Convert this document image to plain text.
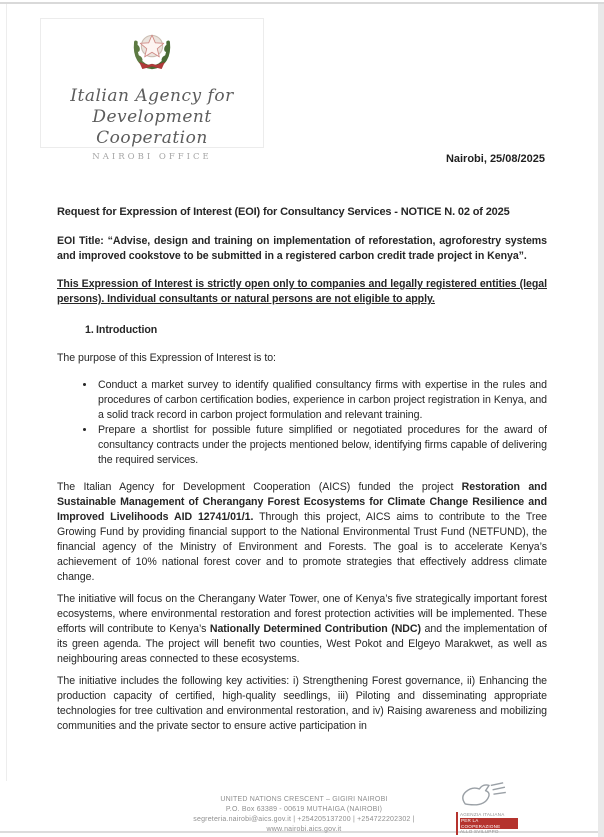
Italian Agency for
Development Cooperation
NAIROBI OFFICE	Nairobi, 25/08/2025

Request for Expression of Interest (EOI) for Consultancy Services - NOTICE N. 02 of 2025

EOI Title: “Advise, design and training on implementation of reforestation, agroforestry systems and improved cookstove to be submitted in a registered carbon credit trade project in Kenya”.

This Expression of Interest is strictly open only to companies and legally registered entities (legal persons). Individual consultants or natural persons are not eligible to apply.

1. Introduction

The purpose of this Expression of Interest is to:

• Conduct a market survey to identify qualified consultancy firms with expertise in the rules and procedures of carbon certification bodies, experience in carbon project registration in Kenya, and a solid track record in carbon project formulation and relevant training.
• Prepare a shortlist for possible future simplified or negotiated procedures for the award of consultancy contracts under the projects mentioned below, identifying firms capable of delivering the required services.

The Italian Agency for Development Cooperation (AICS) funded the project Restoration and Sustainable Management of Cherangany Forest Ecosystems for Climate Change Resilience and Improved Livelihoods AID 12741/01/1. Through this project, AICS aims to contribute to the Tree Growing Fund by providing financial support to the National Environmental Trust Fund (NETFUND), the financial agency of the Ministry of Environment and Forests. The goal is to accelerate Kenya’s achievement of 10% national forest cover and to promote strategies that effectively address climate change.

The initiative will focus on the Cherangany Water Tower, one of Kenya’s five strategically important forest ecosystems, where environmental restoration and forest protection activities will be implemented. These efforts will contribute to Kenya’s Nationally Determined Contribution (NDC) and the implementation of its green agenda. The project will benefit two counties, West Pokot and Elgeyo Marakwet, as well as neighbouring areas connected to these ecosystems.

The initiative includes the following key activities: i) Strengthening Forest governance, ii) Enhancing the production capacity of certified, high-quality seedlings, iii) Piloting and disseminating appropriate technologies for tree cultivation and environmental restoration, and iv) Raising awareness and mobilizing communities and the private sector to ensure active participation in

UNITED NATIONS CRESCENT – GIGIRI NAIROBI
P.O. Box 63389 - 00619 MUTHAIGA (NAIROBI)
segreteria.nairobi@aics.gov.it | +254205137200 | +254722202302 | www.nairobi.aics.gov.it
AGENZIA ITALIANA
PER LA COOPERAZIONE
ALLO SVILUPPO
